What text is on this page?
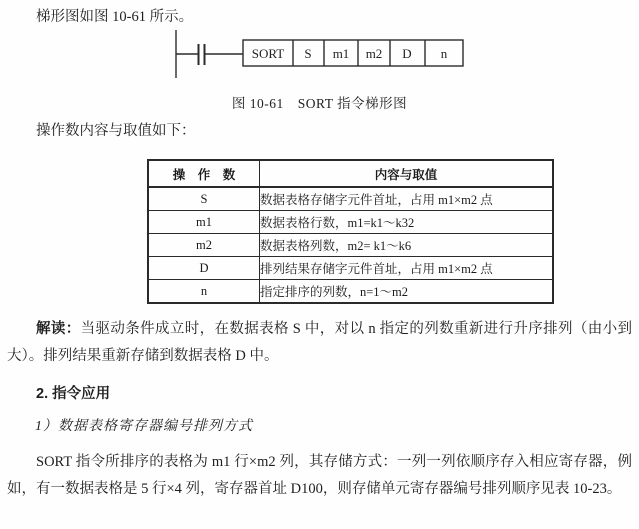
梯形图如图 10-61 所示。

SORT S m1 m2 D n
图 10-61　SORT 指令梯形图

操作数内容与取值如下：

操　作　数	内容与取值
S	数据表格存储字元件首址，占用 m1×m2 点
m1	数据表格行数，m1=k1～k32
m2	数据表格列数，m2= k1～k6
D	排列结果存储字元件首址，占用 m1×m2 点
n	指定排序的列数，n=1～m2

解读：当驱动条件成立时，在数据表格 S 中，对以 n 指定的列数重新进行升序排列（由小到大）。排列结果重新存储到数据表格 D 中。

2. 指令应用
1）数据表格寄存器编号排列方式

SORT 指令所排序的表格为 m1 行×m2 列，其存储方式：一列一列依顺序存入相应寄存器，例如，有一数据表格是 5 行×4 列，寄存器首址 D100，则存储单元寄存器编号排列顺序见表 10-23。
